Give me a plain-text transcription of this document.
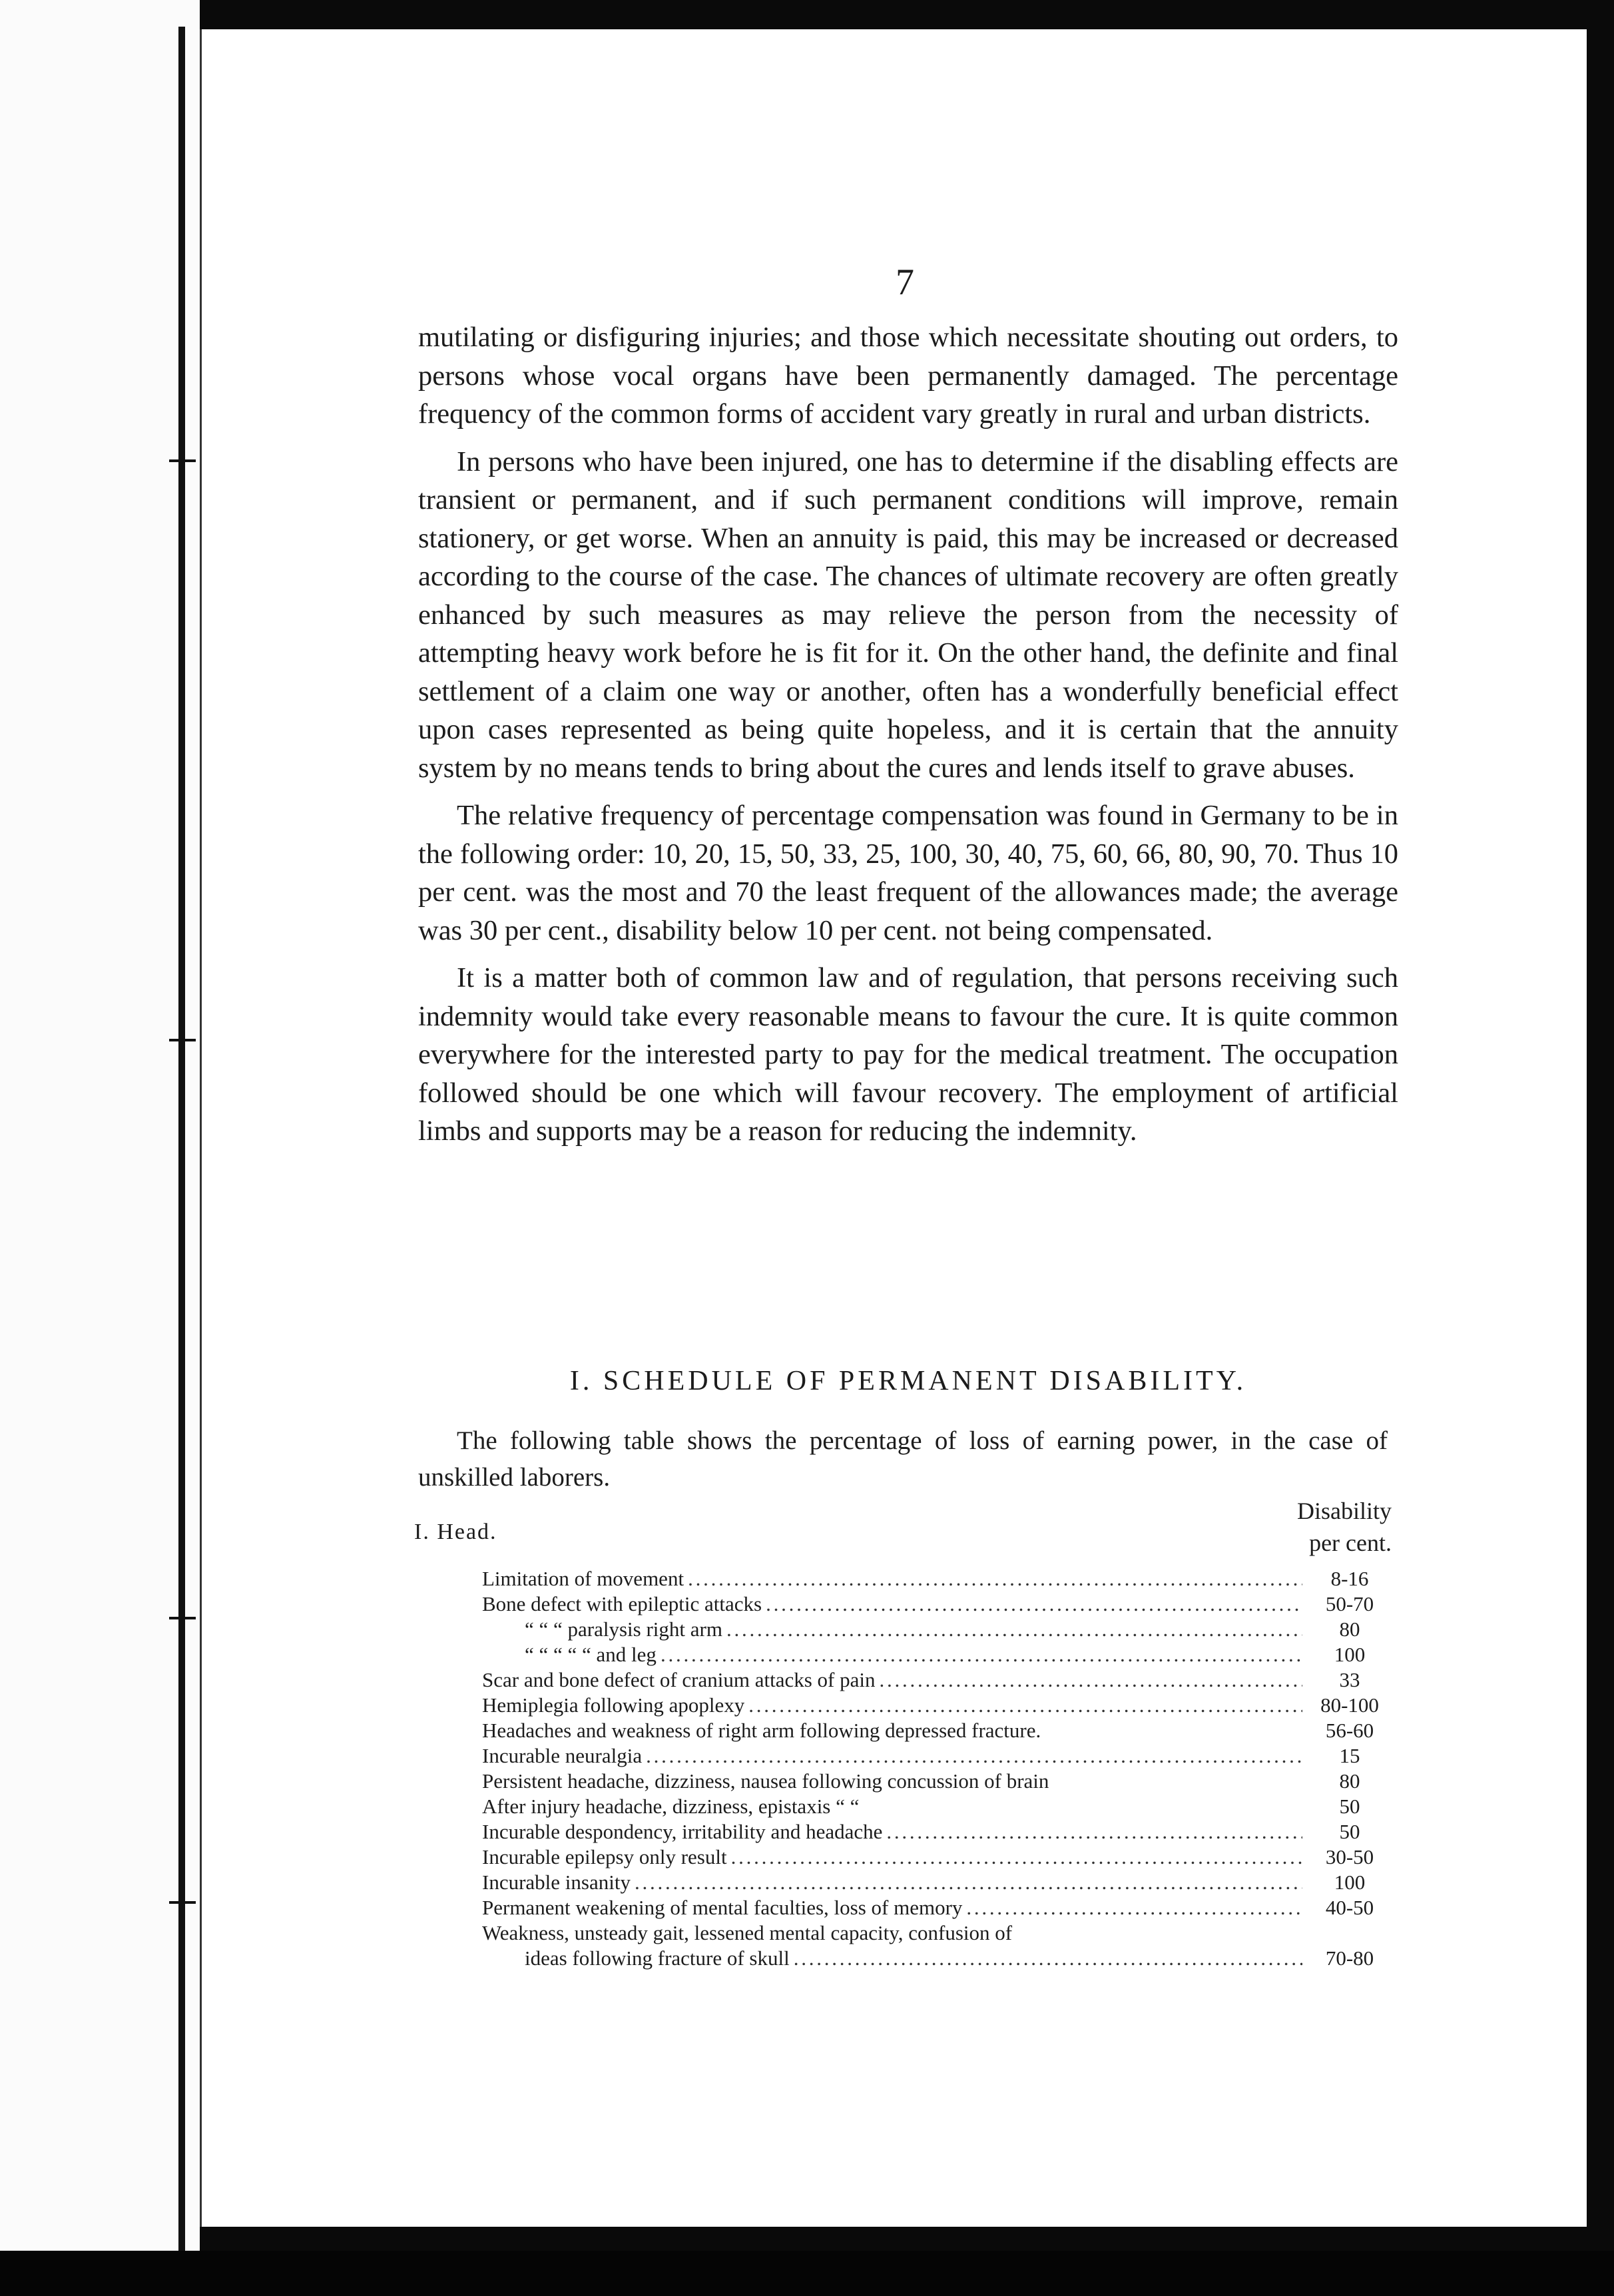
7

mutilating or disfiguring injuries; and those which necessitate shouting out orders, to persons whose vocal organs have been permanently damaged. The percentage frequency of the common forms of accident vary greatly in rural and urban districts.

In persons who have been injured, one has to determine if the disabling effects are transient or permanent, and if such permanent conditions will improve, remain stationery, or get worse. When an annuity is paid, this may be increased or decreased according to the course of the case. The chances of ultimate recovery are often greatly enhanced by such measures as may relieve the person from the necessity of attempting heavy work before he is fit for it. On the other hand, the definite and final settlement of a claim one way or another, often has a wonderfully beneficial effect upon cases represented as being quite hopeless, and it is certain that the annuity system by no means tends to bring about the cures and lends itself to grave abuses.

The relative frequency of percentage compensation was found in Germany to be in the following order: 10, 20, 15, 50, 33, 25, 100, 30, 40, 75, 60, 66, 80, 90, 70. Thus 10 per cent. was the most and 70 the least frequent of the allowances made; the average was 30 per cent., disability below 10 per cent. not being compensated.

It is a matter both of common law and of regulation, that persons receiving such indemnity would take every reasonable means to favour the cure. It is quite common everywhere for the interested party to pay for the medical treatment. The occupation followed should be one which will favour recovery. The employment of artificial limbs and supports may be a reason for reducing the indemnity.

I. SCHEDULE OF PERMANENT DISABILITY.

The following table shows the percentage of loss of earning power, in the case of unskilled laborers.

Disability
per cent.
I. Head.
Limitation of movement . . .	8-16
Bone defect with epileptic attacks . . .	50-70
“ “ “ paralysis right arm . . .	80
“ “ “ “ “ and leg . . .	100
Scar and bone defect of cranium attacks of pain . . .	33
Hemiplegia following apoplexy . . .	80-100
Headaches and weakness of right arm following depressed fracture.	56-60
Incurable neuralgia . . .	15
Persistent headache, dizziness, nausea following concussion of brain	80
After injury headache, dizziness, epistaxis “ “	50
Incurable despondency, irritability and headache . . .	50
Incurable epilepsy only result . . .	30-50
Incurable insanity . . .	100
Permanent weakening of mental faculties, loss of memory . . .	40-50
Weakness, unsteady gait, lessened mental capacity, confusion of
ideas following fracture of skull . . .	70-80
